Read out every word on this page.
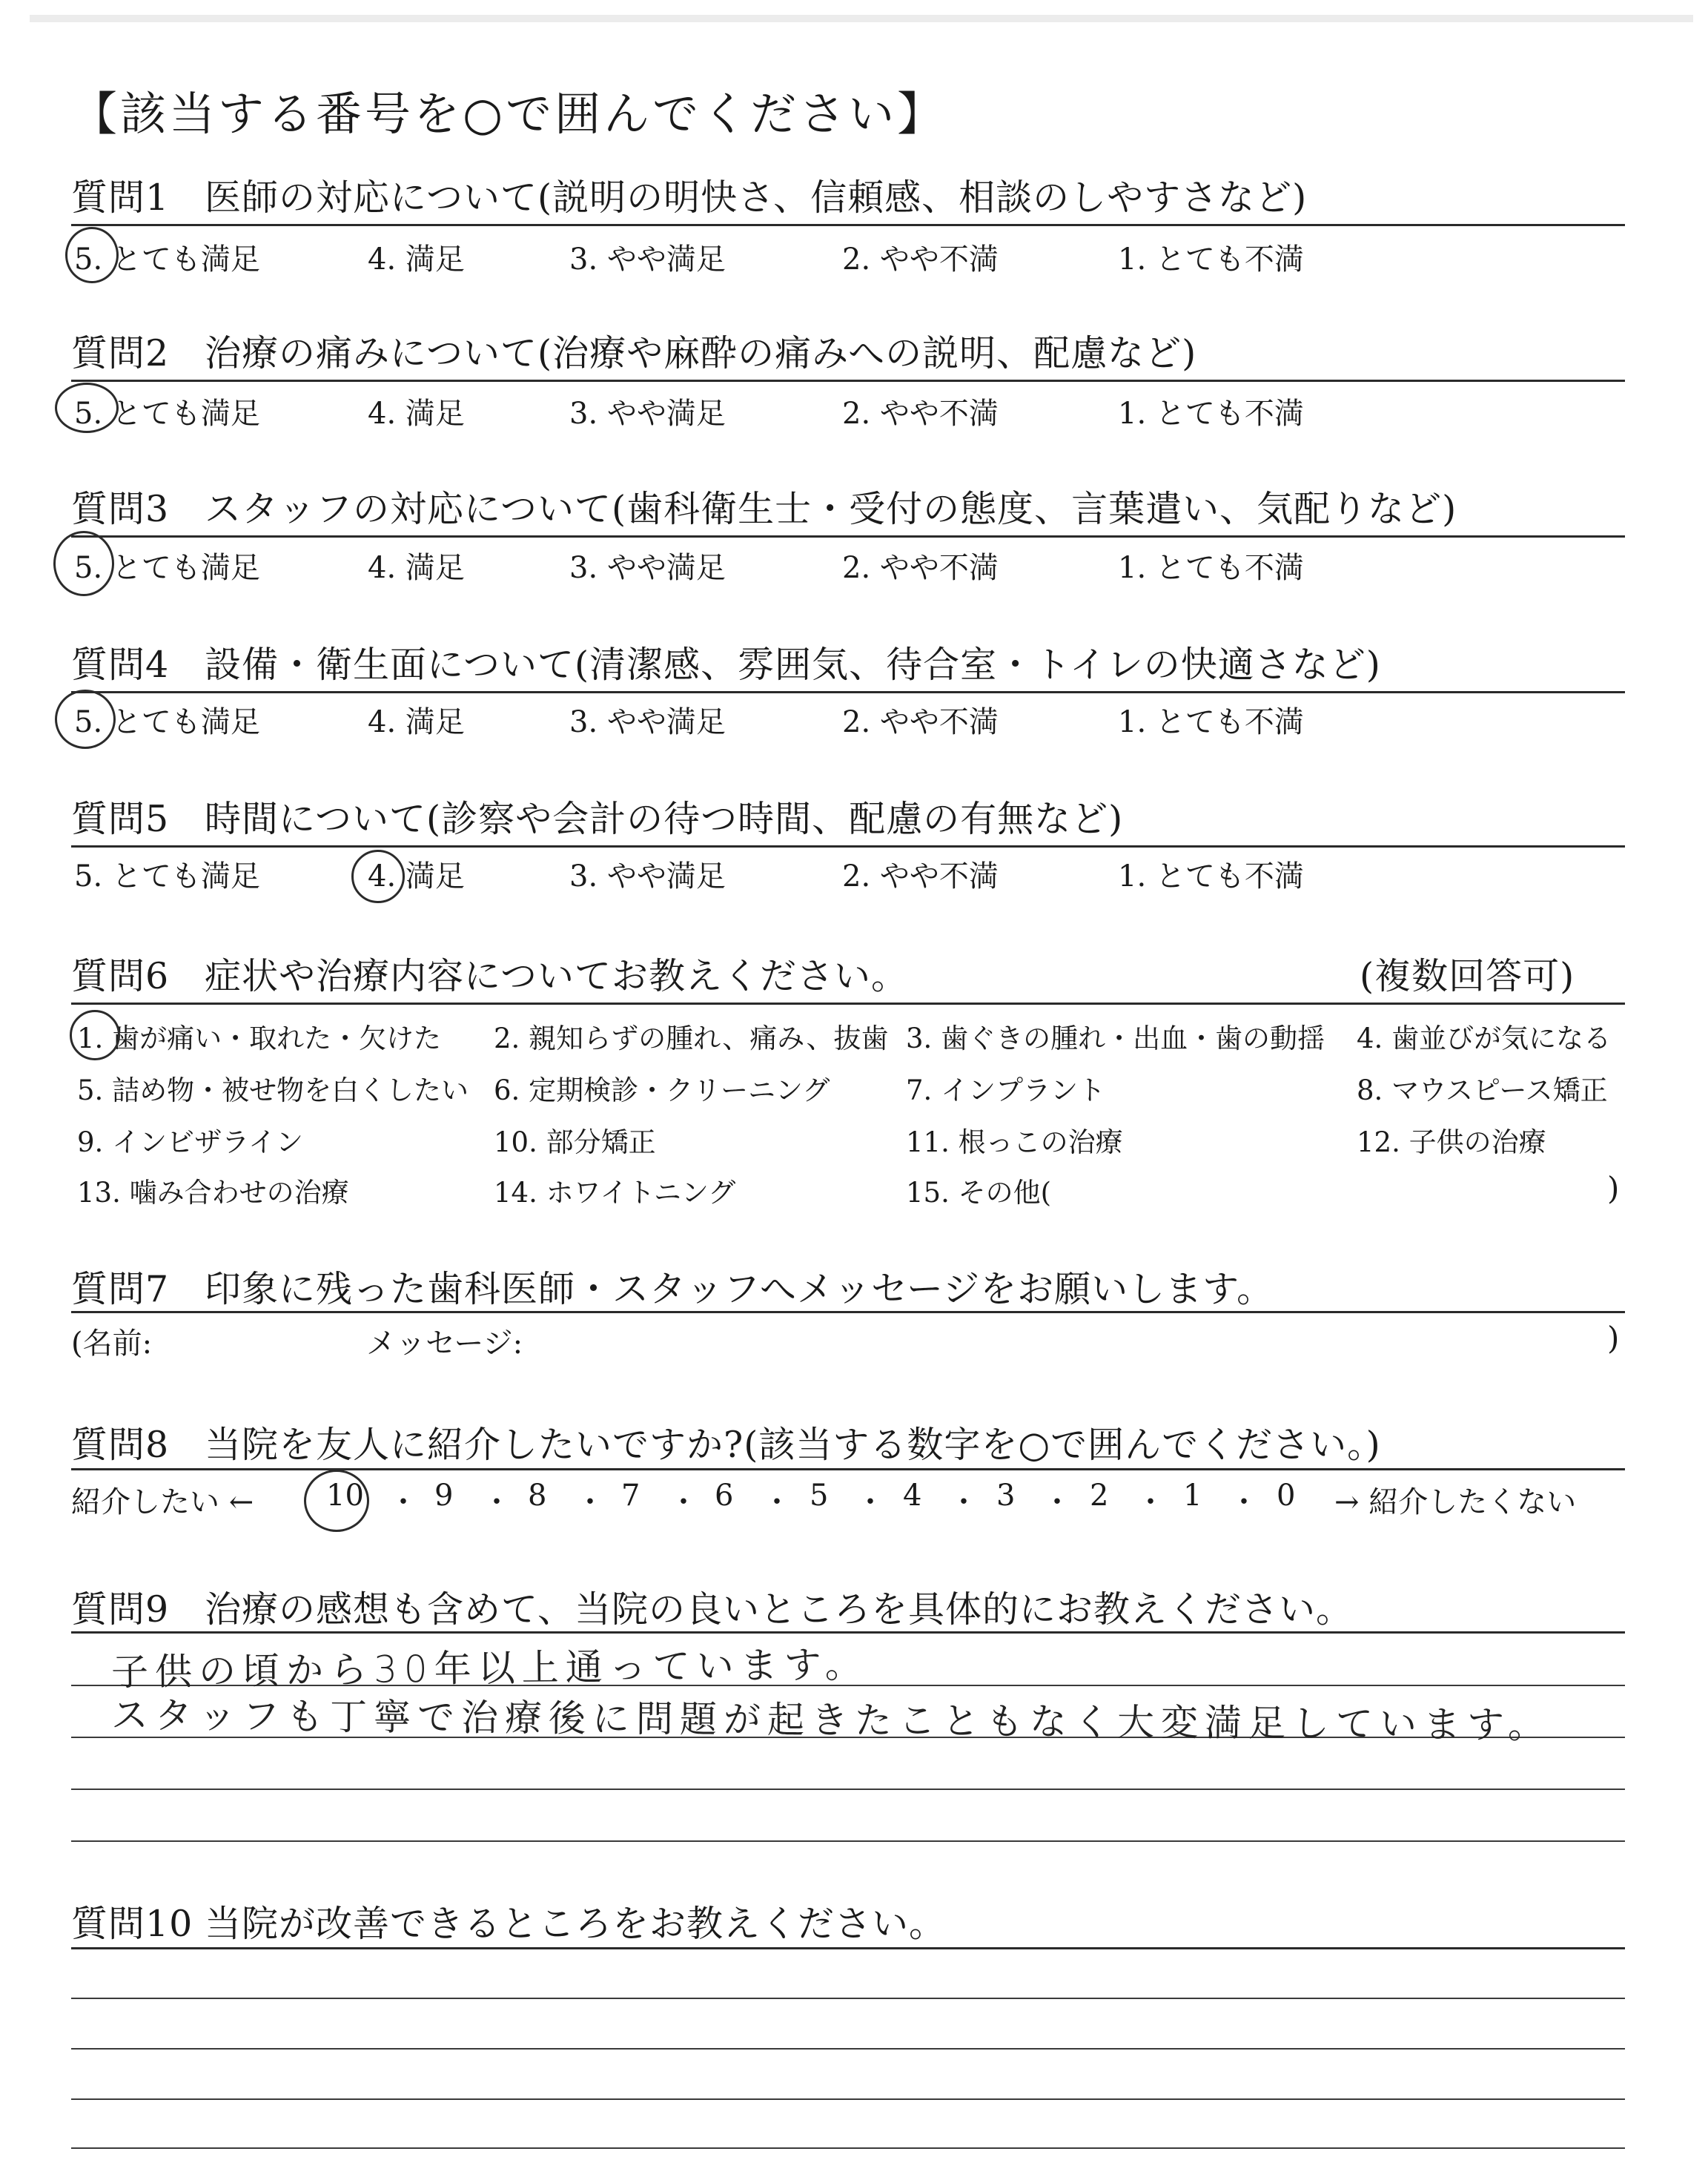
【該当する番号を○で囲んでください】
質問1 医師の対応について(説明の明快さ、信頼感、相談のしやすさなど)
5. とても満足	4. 満足	3. やや満足	2. やや不満	1. とても不満
質問2 治療の痛みについて(治療や麻酔の痛みへの説明、配慮など)
5. とても満足	4. 満足	3. やや満足	2. やや不満	1. とても不満
質問3 スタッフの対応について(歯科衛生士・受付の態度、言葉遣い、気配りなど)
5. とても満足	4. 満足	3. やや満足	2. やや不満	1. とても不満
質問4 設備・衛生面について(清潔感、雰囲気、待合室・トイレの快適さなど)
5. とても満足	4. 満足	3. やや満足	2. やや不満	1. とても不満
質問5 時間について(診察や会計の待つ時間、配慮の有無など)
5. とても満足	4. 満足	3. やや満足	2. やや不満	1. とても不満
質問6 症状や治療内容についてお教えください。	(複数回答可)
1. 歯が痛い・取れた・欠けた 2. 親知らずの腫れ、痛み、抜歯 3. 歯ぐきの腫れ・出血・歯の動揺 4. 歯並びが気になる
5. 詰め物・被せ物を白くしたい 6. 定期検診・クリーニング	7. インプラント	8. マウスピース矯正
9. インビザライン	10. 部分矯正	11. 根っこの治療	12. 子供の治療
13. 噛み合わせの治療	14. ホワイトニング	15. その他(	)
質問7 印象に残った歯科医師・スタッフへメッセージをお願いします。
(名前:	メッセージ:	)
質問8 当院を友人に紹介したいですか?(該当する数字を○で囲んでください。)
紹介したい ← 10 ・ 9 ・ 8 ・ 7 ・ 6 ・ 5 ・ 4 ・ 3 ・ 2 ・ 1 ・ 0 → 紹介したくない
質問9 治療の感想も含めて、当院の良いところを具体的にお教えください。
子供の頃から30年以上通っています。
スタッフも丁寧で治療後に問題が起きたこともなく大変満足しています。
質問10 当院が改善できるところをお教えください。
